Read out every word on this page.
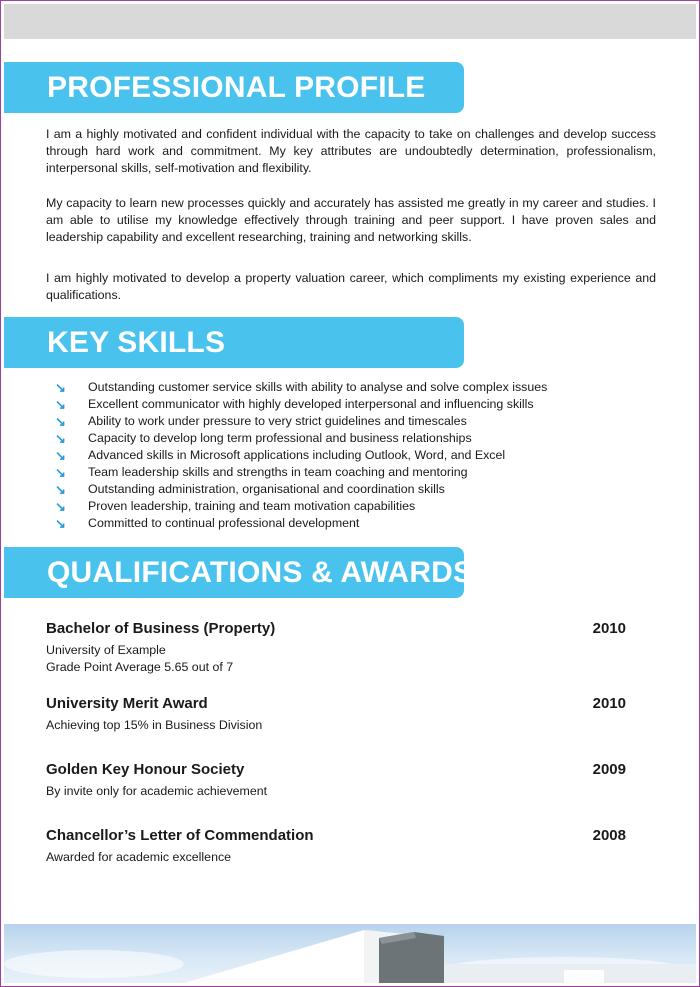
PROFESSIONAL PROFILE

I am a highly motivated and confident individual with the capacity to take on challenges and develop success through hard work and commitment. My key attributes are undoubtedly determination, professionalism, interpersonal skills, self-motivation and flexibility.

My capacity to learn new processes quickly and accurately has assisted me greatly in my career and studies. I am able to utilise my knowledge effectively through training and peer support. I have proven sales and leadership capability and excellent researching, training and networking skills.

I am highly motivated to develop a property valuation career, which compliments my existing experience and qualifications.

KEY SKILLS
↘ Outstanding customer service skills with ability to analyse and solve complex issues
↘ Excellent communicator with highly developed interpersonal and influencing skills
↘ Ability to work under pressure to very strict guidelines and timescales
↘ Capacity to develop long term professional and business relationships
↘ Advanced skills in Microsoft applications including Outlook, Word, and Excel
↘ Team leadership skills and strengths in team coaching and mentoring
↘ Outstanding administration, organisational and coordination skills
↘ Proven leadership, training and team motivation capabilities
↘ Committed to continual professional development
QUALIFICATIONS & AWARDS
Bachelor of Business (Property)	2010
University of Example
Grade Point Average 5.65 out of 7
University Merit Award	2010
Achieving top 15% in Business Division
Golden Key Honour Society	2009
By invite only for academic achievement
Chancellor’s Letter of Commendation	2008
Awarded for academic excellence
